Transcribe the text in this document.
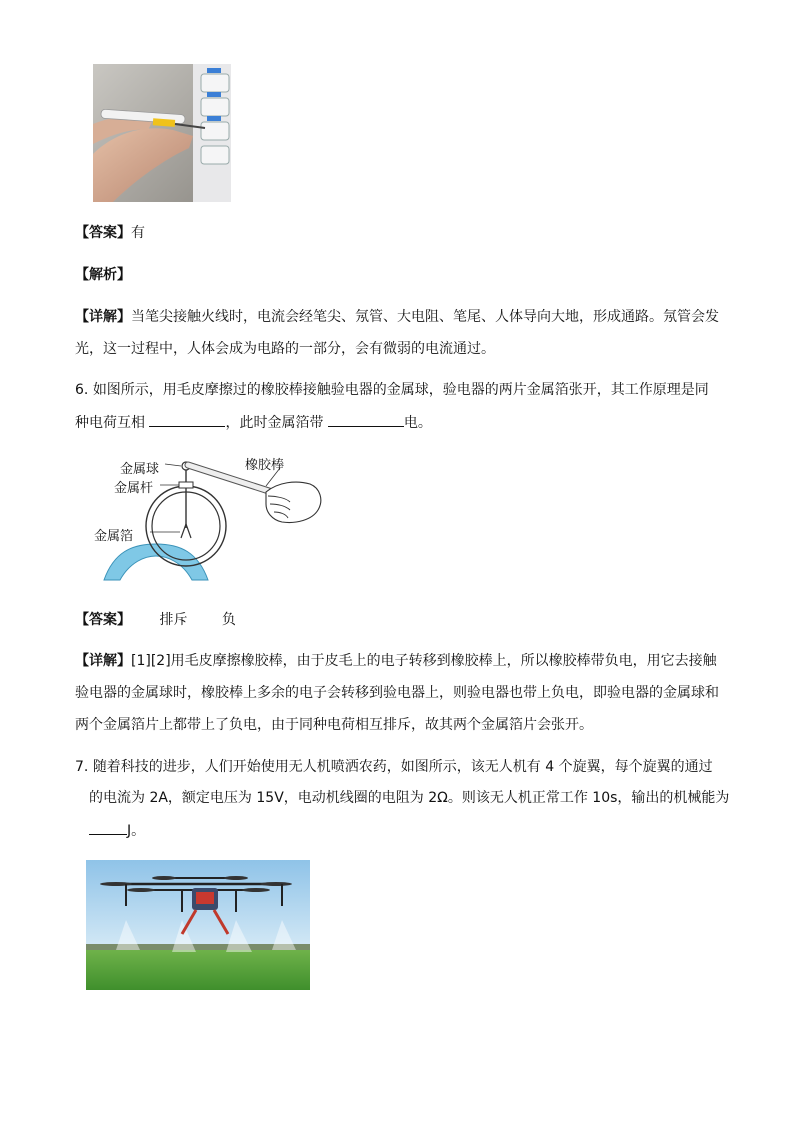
【答案】有
【解析】
【详解】当笔尖接触火线时，电流会经笔尖、氖管、大电阻、笔尾、人体导向大地，形成通路。氖管会发
光，这一过程中，人体会成为电路的一部分，会有微弱的电流通过。
6. 如图所示，用毛皮摩擦过的橡胶棒接触验电器的金属球，验电器的两片金属箔张开，其工作原理是同
种电荷互相	，此时金属箔带	电。
金属球
金属杆
金属箔
橡胶棒
【答案】 排斥 负
【详解】[1][2]用毛皮摩擦橡胶棒，由于皮毛上的电子转移到橡胶棒上，所以橡胶棒带负电，用它去接触
验电器的金属球时，橡胶棒上多余的电子会转移到验电器上，则验电器也带上负电，即验电器的金属球和
两个金属箔片上都带上了负电，由于同种电荷相互排斥，故其两个金属箔片会张开。
7. 随着科技的进步，人们开始使用无人机喷洒农药，如图所示，该无人机有 4 个旋翼，每个旋翼的通过
的电流为 2A，额定电压为 15V，电动机线圈的电阻为 2Ω。则该无人机正常工作 10s，输出的机械能为
J。
